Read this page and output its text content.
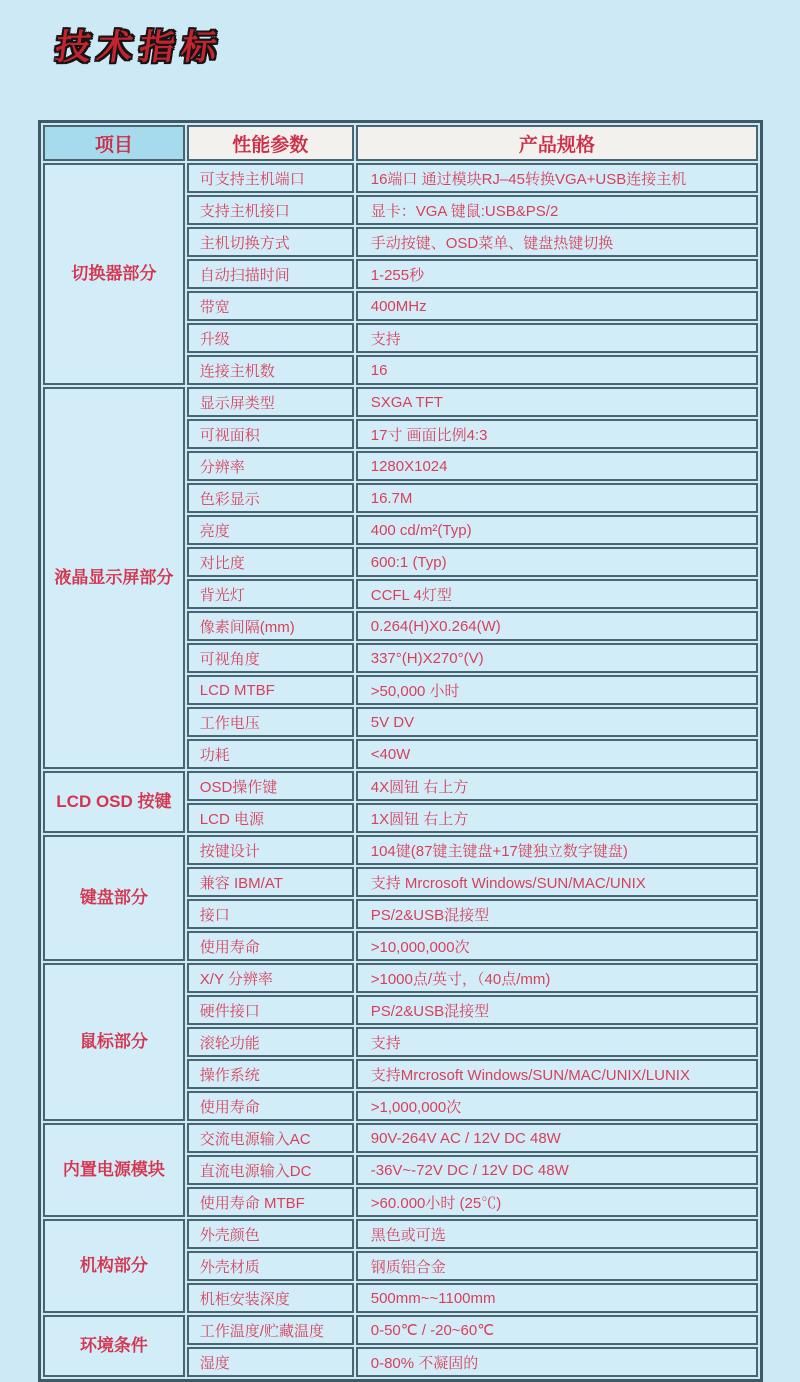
技术指标
项目	性能参数	产品规格
切换器部分	可支持主机端口	16端口 通过模块RJ–45转换VGA+USB连接主机
	支持主机接口	显卡：VGA 键鼠:USB&PS/2
	主机切换方式	手动按键、OSD菜单、键盘热键切换
	自动扫描时间	1-255秒
	带宽	400MHz
	升级	支持
	连接主机数	16
液晶显示屏部分	显示屏类型	SXGA TFT
	可视面积	17寸 画面比例4:3
	分辨率	1280X1024
	色彩显示	16.7M
	亮度	400 cd/m²(Typ)
	对比度	600:1 (Typ)
	背光灯	CCFL 4灯型
	像素间隔(mm)	0.264(H)X0.264(W)
	可视角度	337°(H)X270°(V)
	LCD MTBF	>50,000 小时
	工作电压	5V DV
	功耗	<40W
LCD OSD 按键	OSD操作键	4X圆钮 右上方
	LCD 电源	1X圆钮 右上方
键盘部分	按键设计	104键(87键主键盘+17键独立数字键盘)
	兼容 IBM/AT	支持 Mrcrosoft Windows/SUN/MAC/UNIX
	接口	PS/2&USB混接型
	使用寿命	>10,000,000次
鼠标部分	X/Y 分辨率	>1000点/英寸，（40点/mm)
	硬件接口	PS/2&USB混接型
	滚轮功能	支持
	操作系统	支持Mrcrosoft Windows/SUN/MAC/UNIX/LUNIX
	使用寿命	>1,000,000次
内置电源模块	交流电源输入AC	90V-264V AC / 12V DC 48W
	直流电源输入DC	-36V~-72V DC / 12V DC 48W
	使用寿命 MTBF	>60.000小时 (25℃)
机构部分	外壳颜色	黑色或可选
	外壳材质	钢质铝合金
	机柜安装深度	500mm~~1100mm
环境条件	工作温度/贮藏温度	0-50℃ / -20~60℃
	湿度	0-80% 不凝固的
